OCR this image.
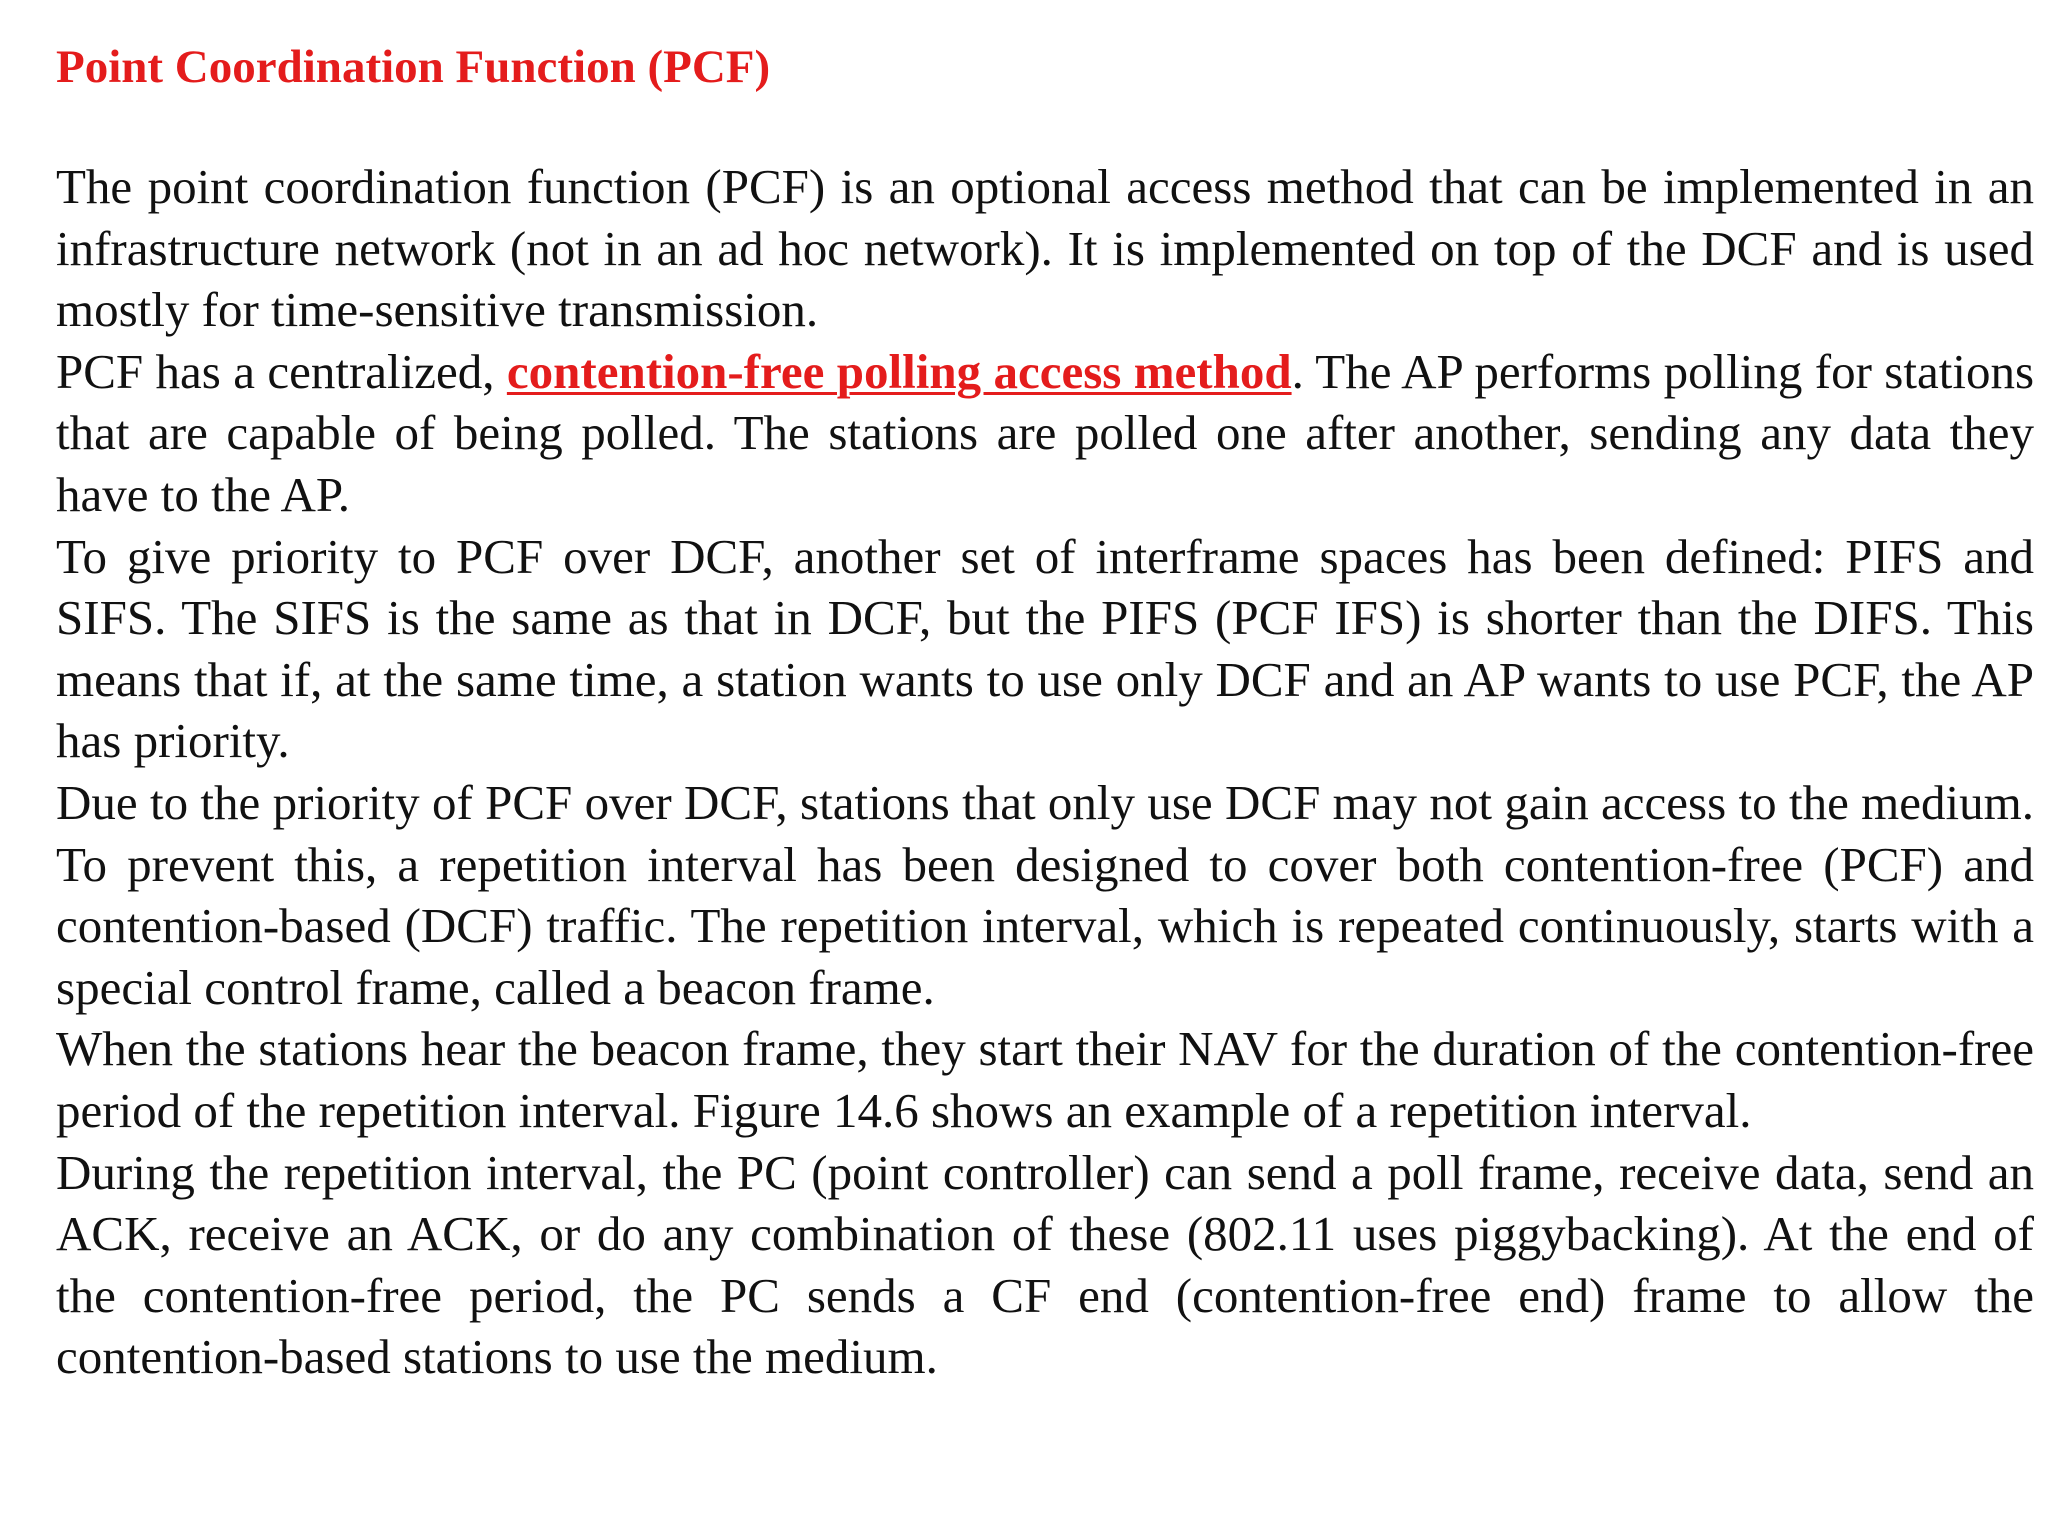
Point Coordination Function (PCF)

The point coordination function (PCF) is an optional access method that can be implemented in an infrastructure network (not in an ad hoc network). It is implemented on top of the DCF and is used mostly for time-sensitive transmission.

PCF has a centralized, contention-free polling access method. The AP performs polling for stations that are capable of being polled. The stations are polled one after another, sending any data they have to the AP.

To give priority to PCF over DCF, another set of interframe spaces has been defined: PIFS and SIFS. The SIFS is the same as that in DCF, but the PIFS (PCF IFS) is shorter than the DIFS. This means that if, at the same time, a station wants to use only DCF and an AP wants to use PCF, the AP has priority.

Due to the priority of PCF over DCF, stations that only use DCF may not gain access to the medium. To prevent this, a repetition interval has been designed to cover both contention-free (PCF) and contention-based (DCF) traffic. The repetition interval, which is repeated continuously, starts with a special control frame, called a beacon frame.

When the stations hear the beacon frame, they start their NAV for the duration of the contention-free period of the repetition interval. Figure 14.6 shows an example of a repetition interval.

During the repetition interval, the PC (point controller) can send a poll frame, receive data, send an ACK, receive an ACK, or do any combination of these (802.11 uses piggybacking). At the end of the contention-free period, the PC sends a CF end (contention-free end) frame to allow the contention-based stations to use the medium.
